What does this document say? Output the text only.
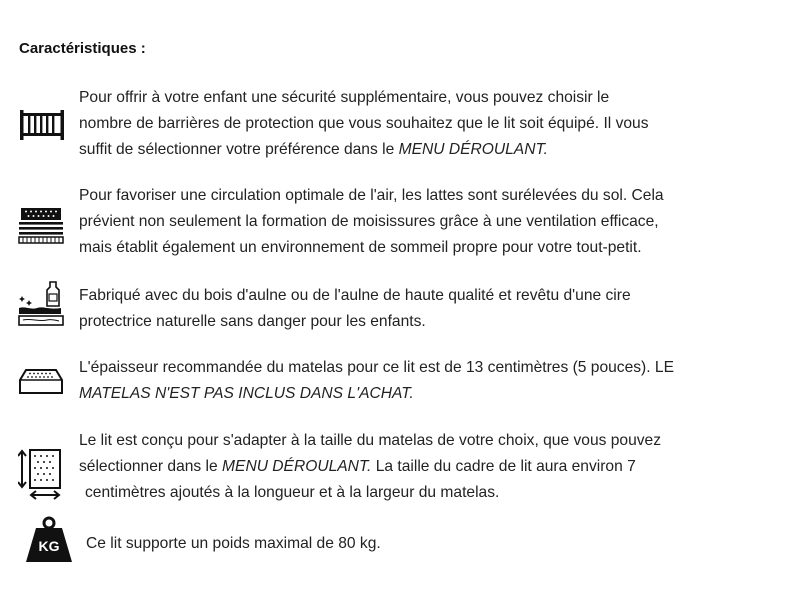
Caractéristiques :
Pour offrir à votre enfant une sécurité supplémentaire, vous pouvez choisir le
nombre de barrières de protection que vous souhaitez que le lit soit équipé. Il vous
suffit de sélectionner votre préférence dans le MENU DÉROULANT.
Pour favoriser une circulation optimale de l'air, les lattes sont surélevées du sol. Cela
prévient non seulement la formation de moisissures grâce à une ventilation efficace,
mais établit également un environnement de sommeil propre pour votre tout-petit.
Fabriqué avec du bois d'aulne ou de l'aulne de haute qualité et revêtu d'une cire
protectrice naturelle sans danger pour les enfants.
L'épaisseur recommandée du matelas pour ce lit est de 13 centimètres (5 pouces). LE
MATELAS N'EST PAS INCLUS DANS L'ACHAT.
Le lit est conçu pour s'adapter à la taille du matelas de votre choix, que vous pouvez
sélectionner dans le MENU DÉROULANT. La taille du cadre de lit aura environ 7
centimètres ajoutés à la longueur et à la largeur du matelas.
KG Ce lit supporte un poids maximal de 80 kg.
